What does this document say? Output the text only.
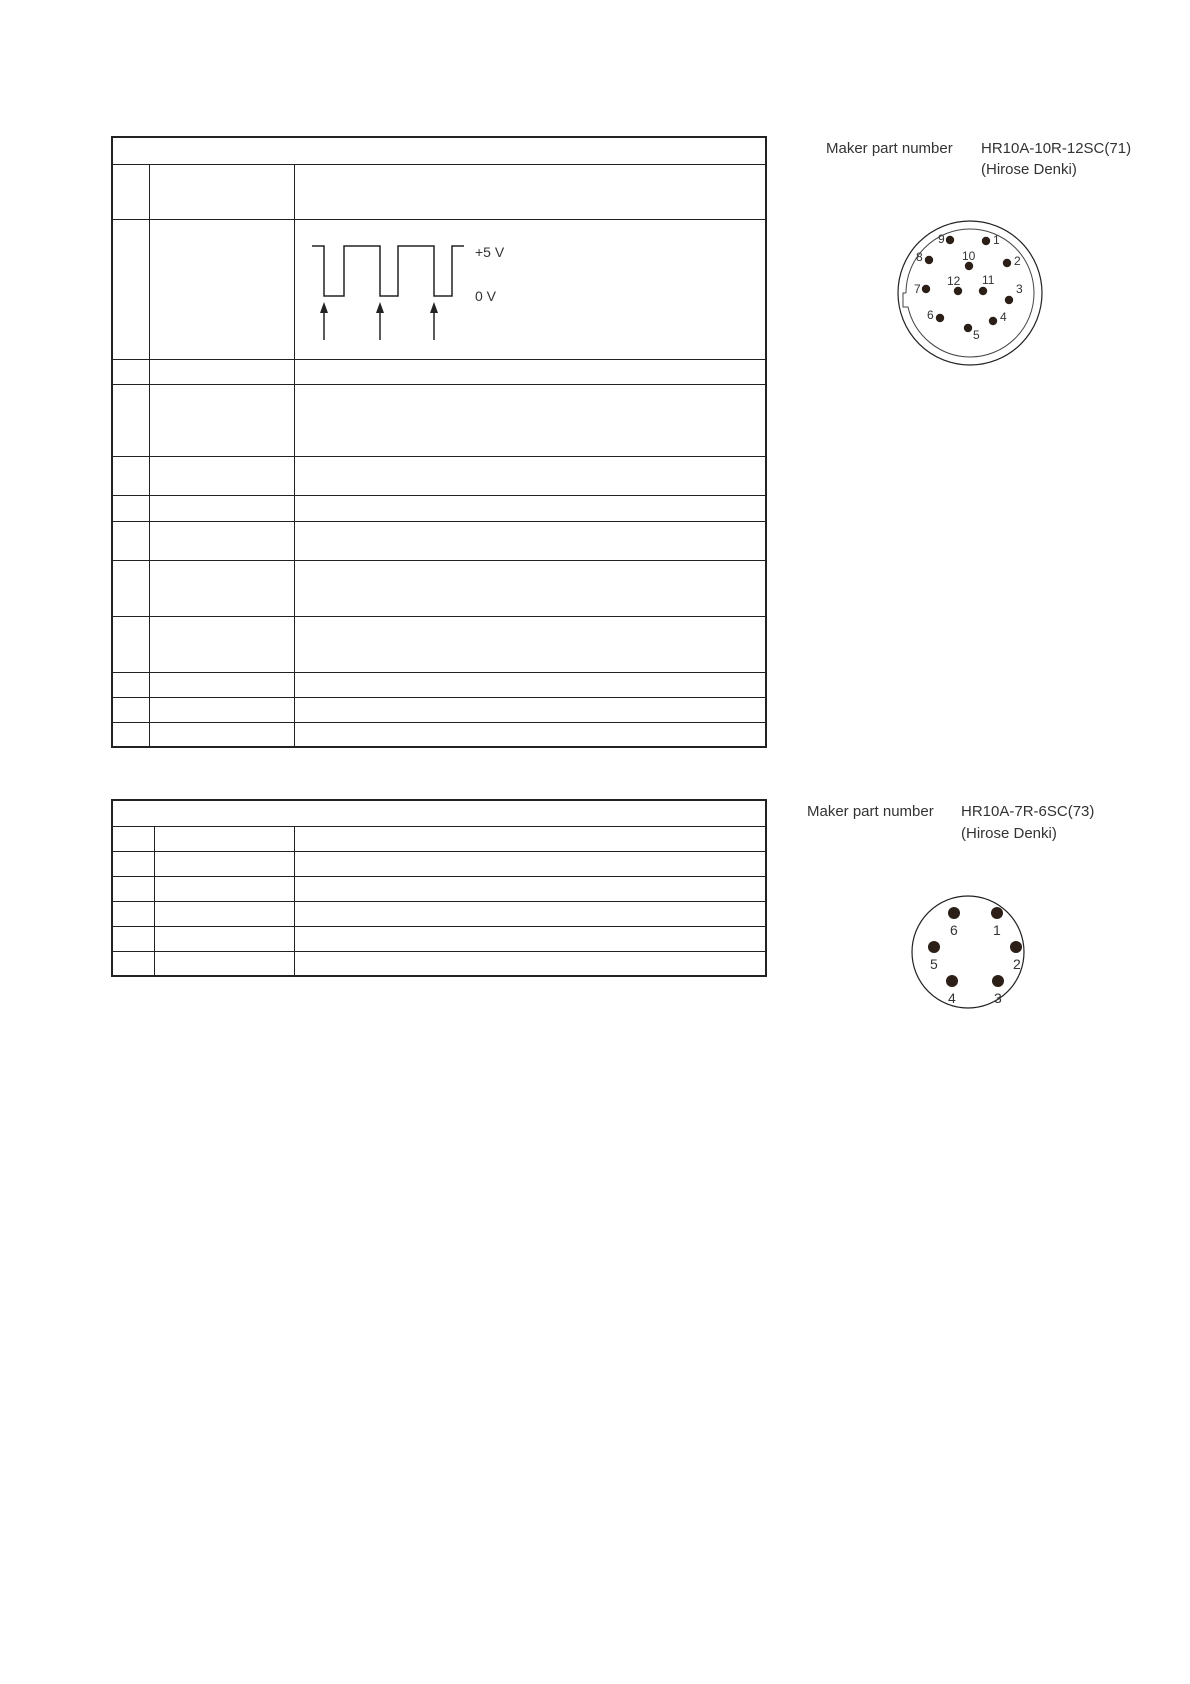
+5 V
0 V
Maker part number HR10A-10R-12SC(71)
(Hirose Denki)
1
2
3
4
5
6
7
8
9
10
11
12
Maker part number HR10A-7R-6SC(73)
(Hirose Denki)
1
2
3
4
5
6
